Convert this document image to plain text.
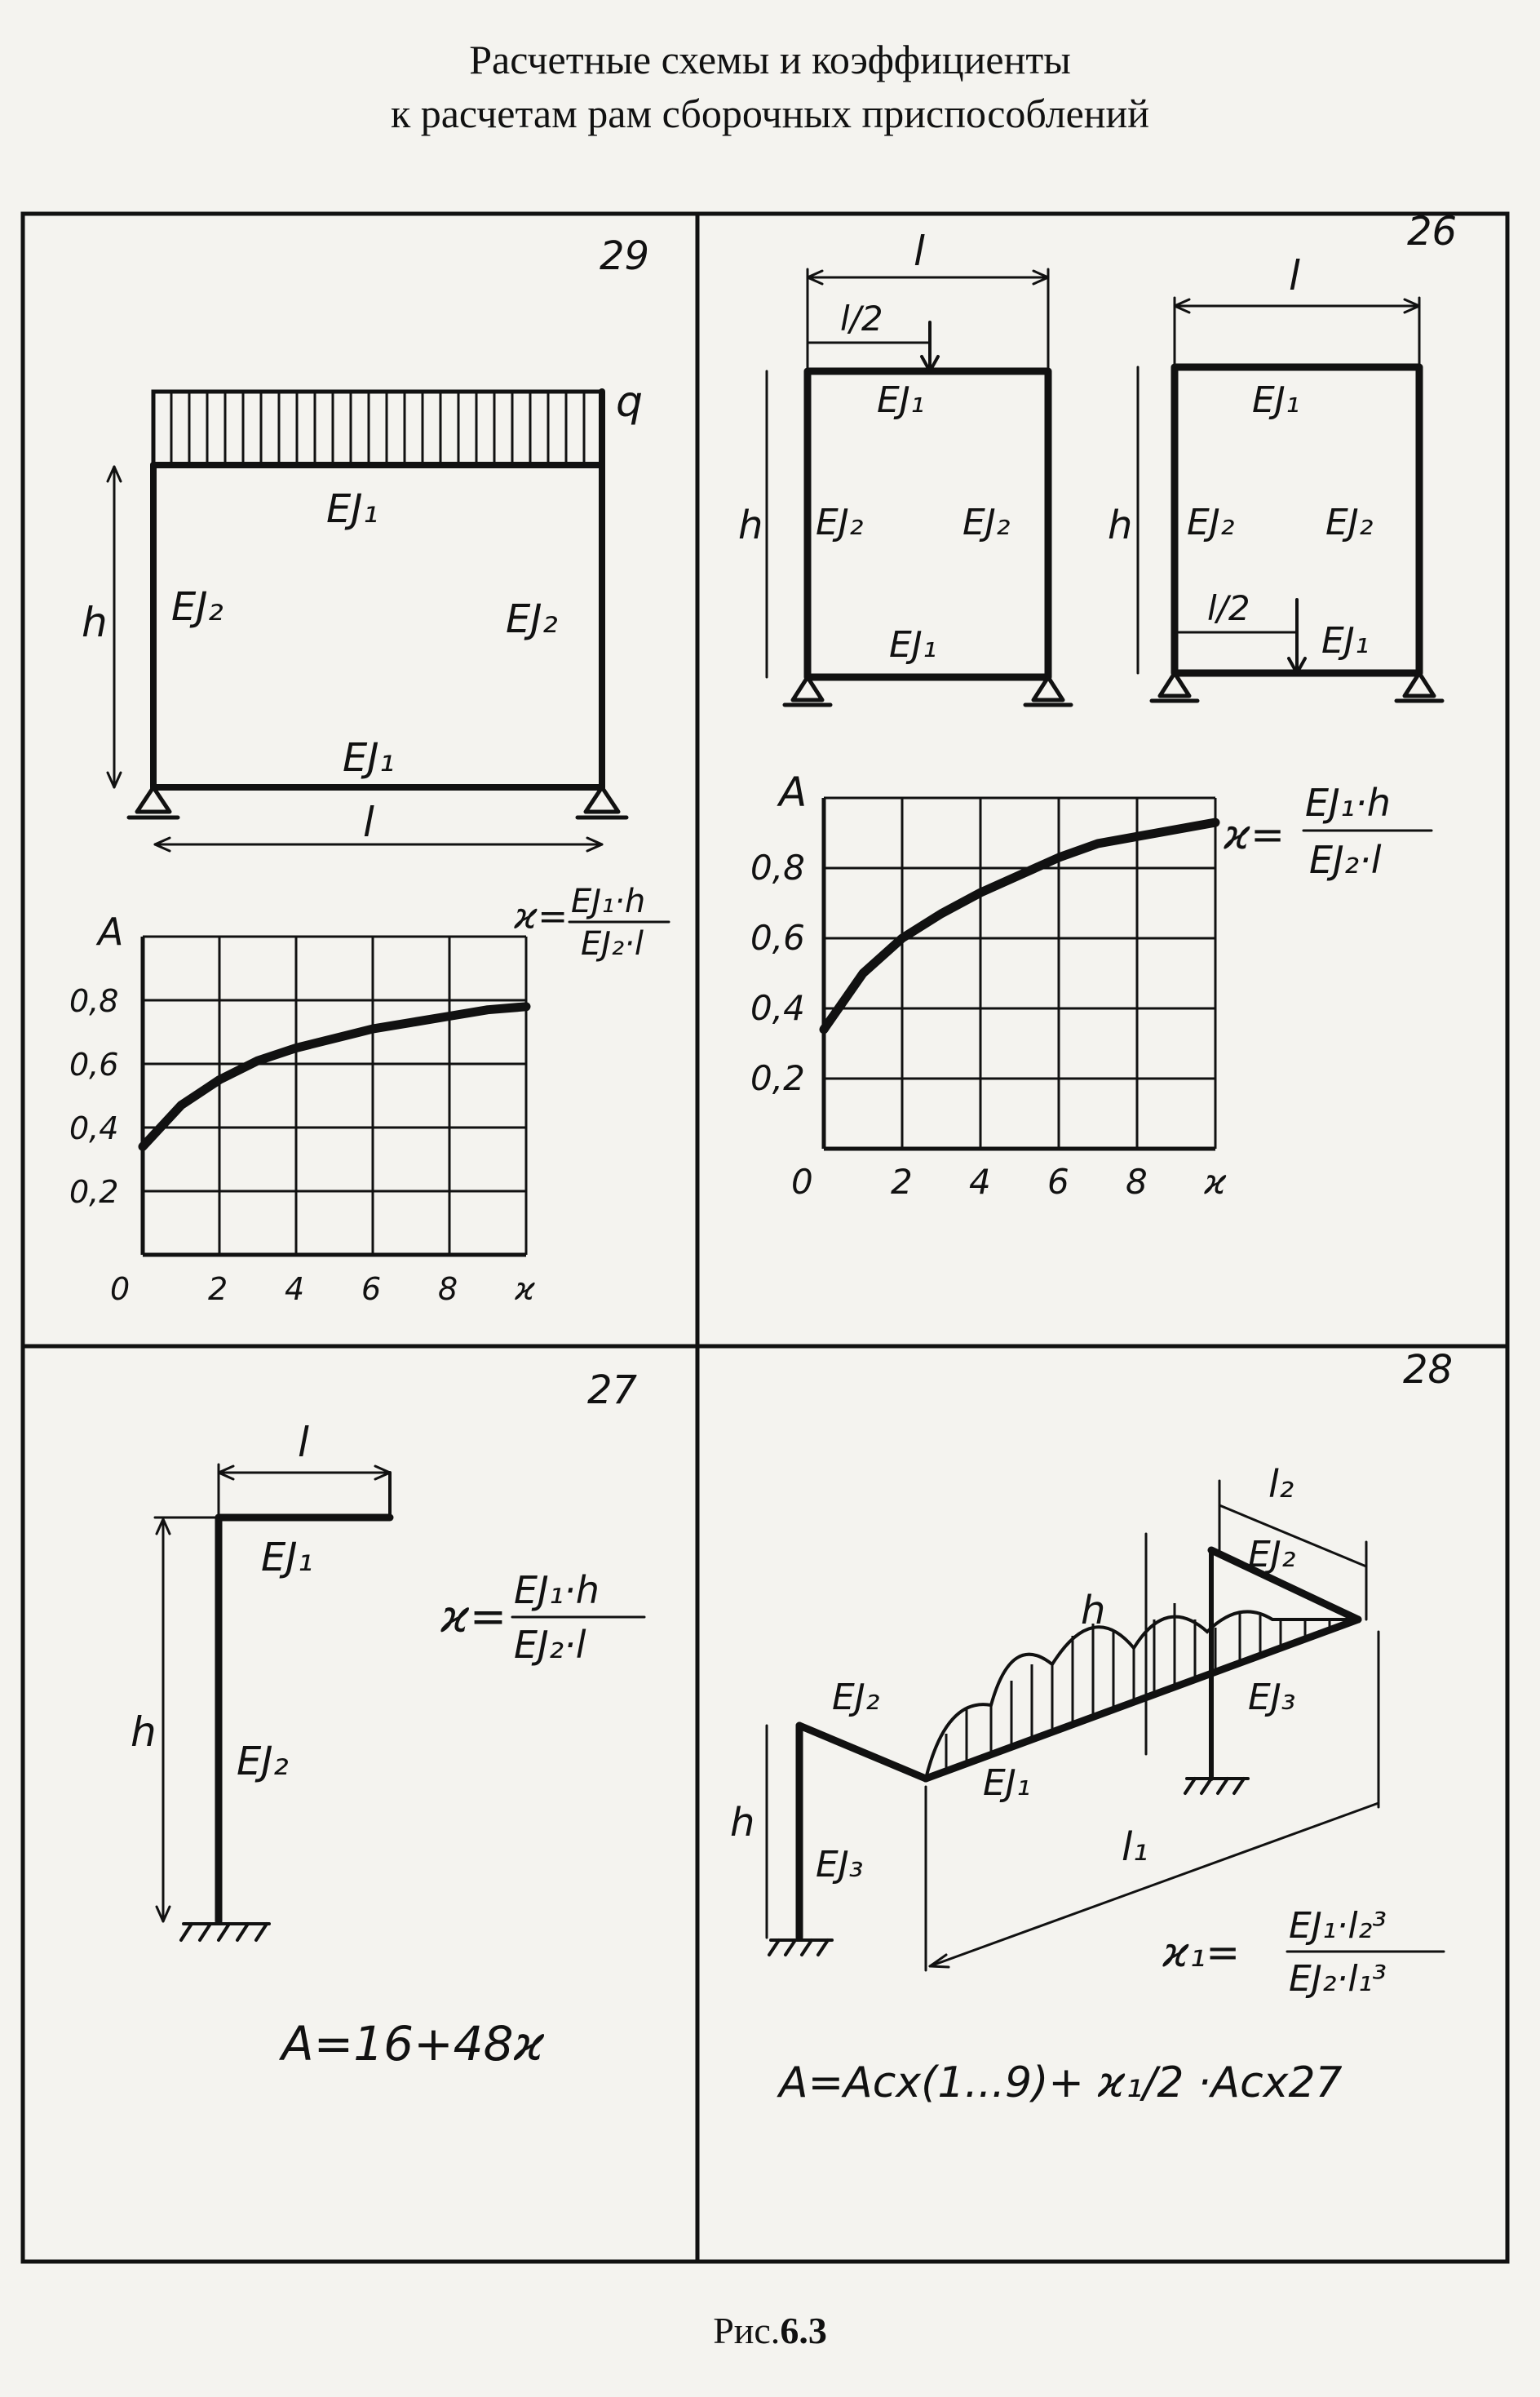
Расчетные схемы и коэффициенты
к расчетам рам сборочных приспособлений
29
q
EJ₁
EJ₂	EJ₂
EJ₁
h
l
A
0,2
0,4
0,6
0,8
0	2 4 6 8 ϰ
ϰ= EJ₁·h
EJ₂·l
26
l
l/2
EJ₁
EJ₂	EJ₂
EJ₁
h
l
l/2
EJ₁
EJ₂	EJ₂
EJ₁
h
A
0,2
0,4
0,6
0,8
0 2 4 6 8 ϰ
ϰ=
EJ₁·h
EJ₂·l
27
l
h
EJ₁
EJ₂
ϰ=
EJ₁·h
EJ₂·l
A=16+48ϰ
28
l₂
h
h
l₁
EJ₂
EJ₂
EJ₁
EJ₃
EJ₃
ϰ₁=
EJ₁·l₂³
EJ₂·l₁³
A=Aсх(1...9)+ ϰ₁/2 ·Aсх27
Рис.6.3
